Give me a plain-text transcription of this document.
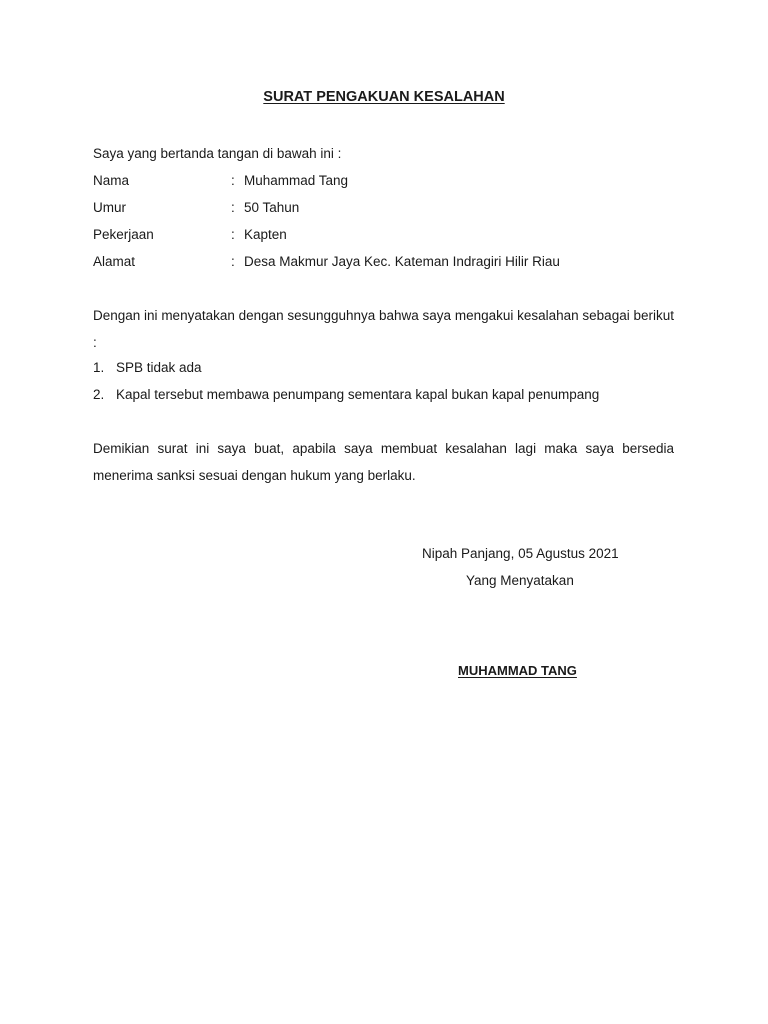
SURAT PENGAKUAN KESALAHAN
Saya yang bertanda tangan di bawah ini :
Nama	: Muhammad Tang
Umur	: 50 Tahun
Pekerjaan	: Kapten
Alamat	: Desa Makmur Jaya Kec. Kateman Indragiri Hilir Riau
Dengan ini menyatakan dengan sesungguhnya bahwa saya mengakui kesalahan sebagai berikut :
1. SPB tidak ada
2. Kapal tersebut membawa penumpang sementara kapal bukan kapal penumpang
Demikian surat ini saya buat, apabila saya membuat kesalahan lagi maka saya bersedia menerima sanksi sesuai dengan hukum yang berlaku.
Nipah Panjang, 05 Agustus 2021
Yang Menyatakan
MUHAMMAD TANG
